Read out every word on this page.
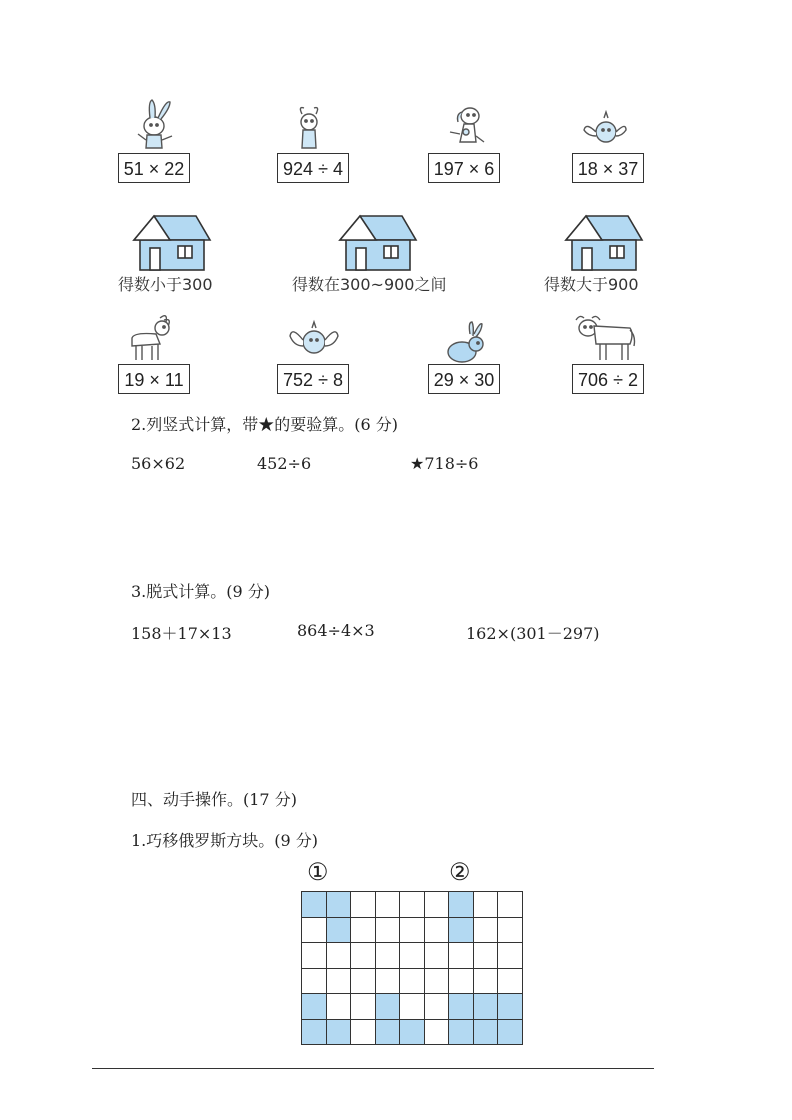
51 × 22	924 ÷ 4	197 × 6	18 × 37
得数小于300	得数在300~900之间	得数大于900
19 × 11	752 ÷ 8	29 × 30	706 ÷ 2
2.列竖式计算，带★的要验算。(6 分)
56×62	452÷6	★718÷6
3.脱式计算。(9 分)
158＋17×13	864÷4×3	162×(301－297)
四、动手操作。(17 分)
1.巧移俄罗斯方块。(9 分)
①	②
